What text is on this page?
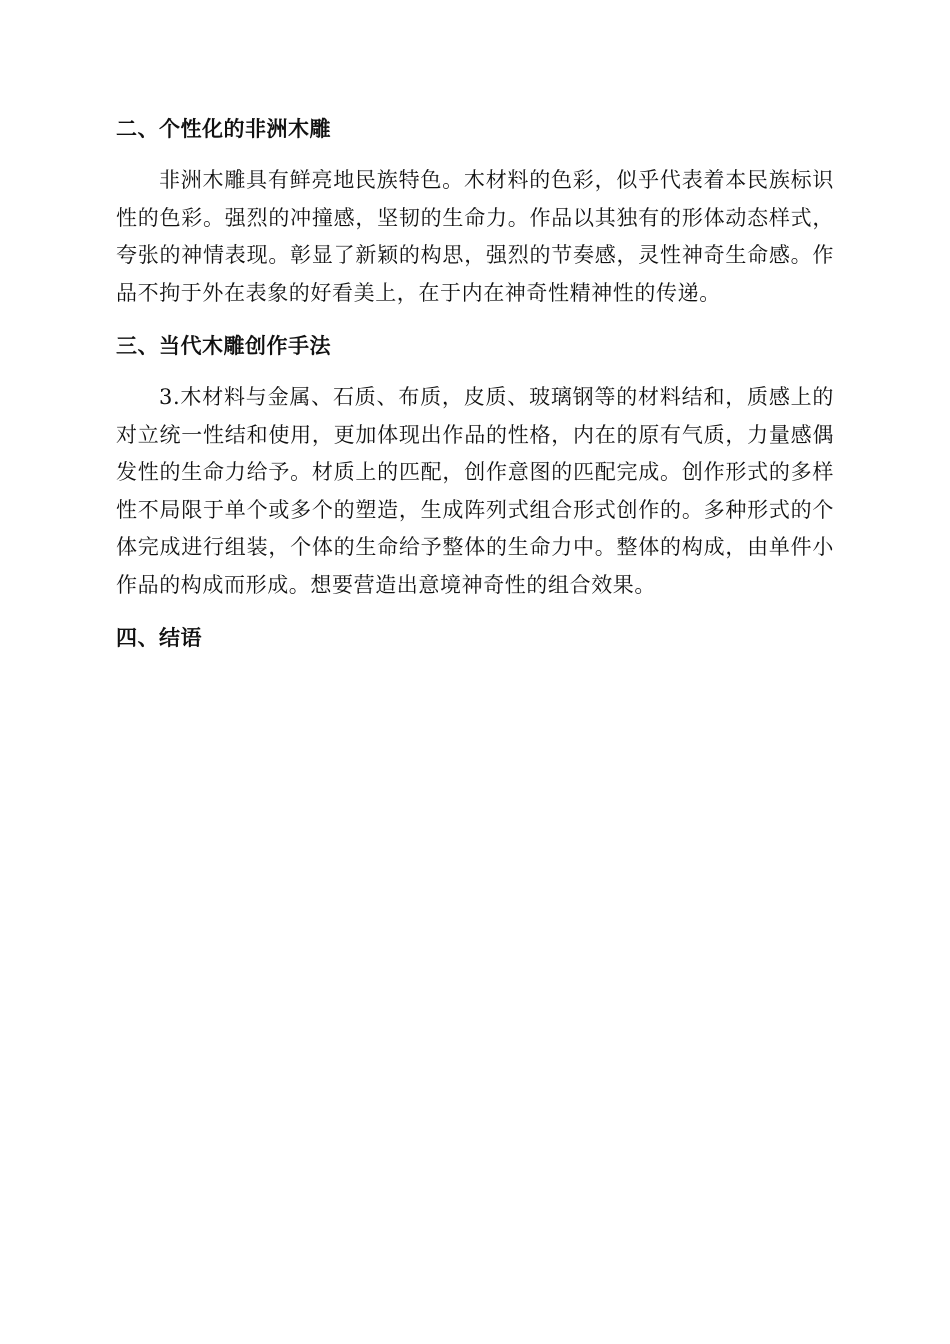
二、个性化的非洲木雕

非洲木雕具有鲜亮地民族特色。木材料的色彩，似乎代表着本民族标识性的色彩。强烈的冲撞感，坚韧的生命力。作品以其独有的形体动态样式，夸张的神情表现。彰显了新颖的构思，强烈的节奏感，灵性神奇生命感。作品不拘于外在表象的好看美上，在于内在神奇性精神性的传递。

三、当代木雕创作手法

3.木材料与金属、石质、布质，皮质、玻璃钢等的材料结和，质感上的对立统一性结和使用，更加体现出作品的性格，内在的原有气质，力量感偶发性的生命力给予。材质上的匹配，创作意图的匹配完成。创作形式的多样性不局限于单个或多个的塑造，生成阵列式组合形式创作的。多种形式的个体完成进行组装，个体的生命给予整体的生命力中。整体的构成，由单件小作品的构成而形成。想要营造出意境神奇性的组合效果。

四、结语
